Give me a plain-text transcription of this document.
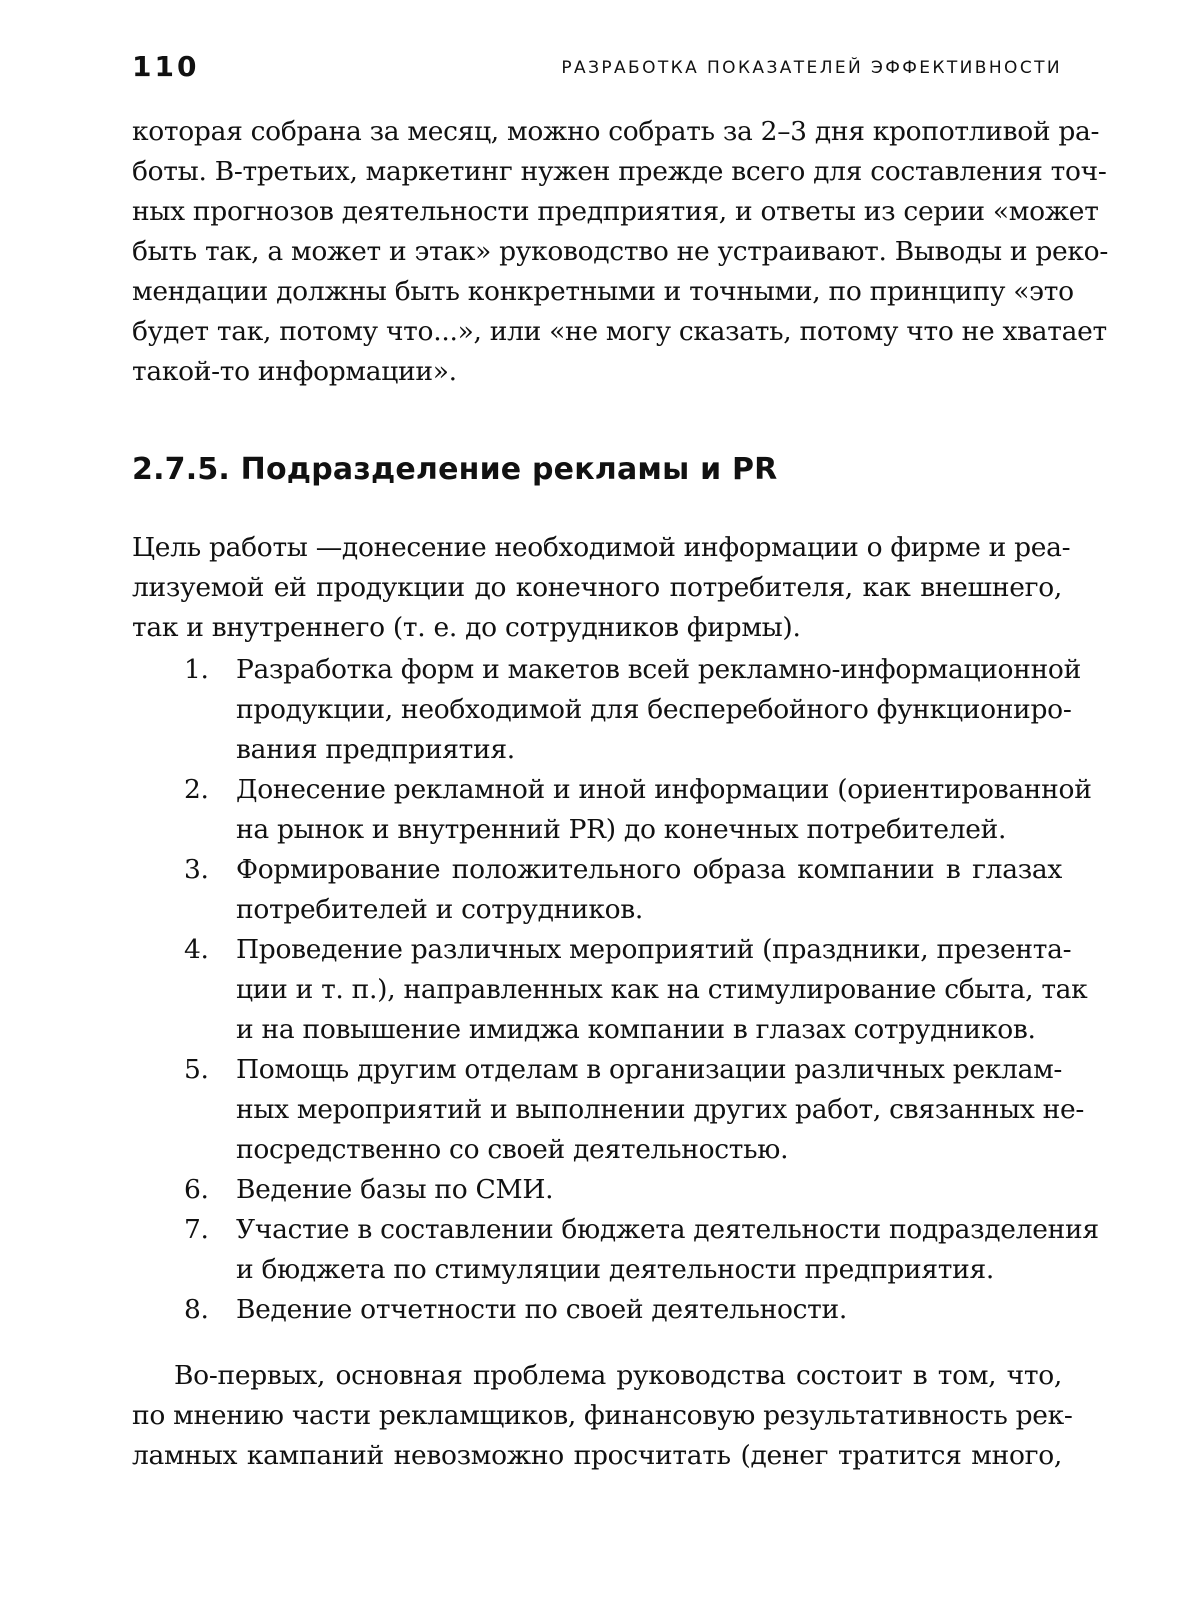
110	РАЗРАБОТКА ПОКАЗАТЕЛЕЙ ЭФФЕКТИВНОСТИ
которая собрана за месяц, можно собрать за 2–3 дня кропотливой ра-
боты. В-третьих, маркетинг нужен прежде всего для составления точ-
ных прогнозов деятельности предприятия, и ответы из серии «может
быть так, а может и этак» руководство не устраивают. Выводы и реко-
мендации должны быть конкретными и точными, по принципу «это
будет так, потому что...», или «не могу сказать, потому что не хватает
такой-то информации».
2.7.5. Подразделение рекламы и PR
Цель работы —донесение необходимой информации о фирме и реа-
лизуемой ей продукции до конечного потребителя, как внешнего,
так и внутреннего (т. е. до сотрудников фирмы).
1. Разработка форм и макетов всей рекламно-информационной
продукции, необходимой для бесперебойного функциониро-
вания предприятия.
2. Донесение рекламной и иной информации (ориентированной
на рынок и внутренний PR) до конечных потребителей.
3. Формирование положительного образа компании в глазах
потребителей и сотрудников.
4. Проведение различных мероприятий (праздники, презента-
ции и т. п.), направленных как на стимулирование сбыта, так
и на повышение имиджа компании в глазах сотрудников.
5. Помощь другим отделам в организации различных реклам-
ных мероприятий и выполнении других работ, связанных не-
посредственно со своей деятельностью.
6. Ведение базы по СМИ.
7. Участие в составлении бюджета деятельности подразделения
и бюджета по стимуляции деятельности предприятия.
8. Ведение отчетности по своей деятельности.
Во-первых, основная проблема руководства состоит в том, что,
по мнению части рекламщиков, финансовую результативность рек-
ламных кампаний невозможно просчитать (денег тратится много,
